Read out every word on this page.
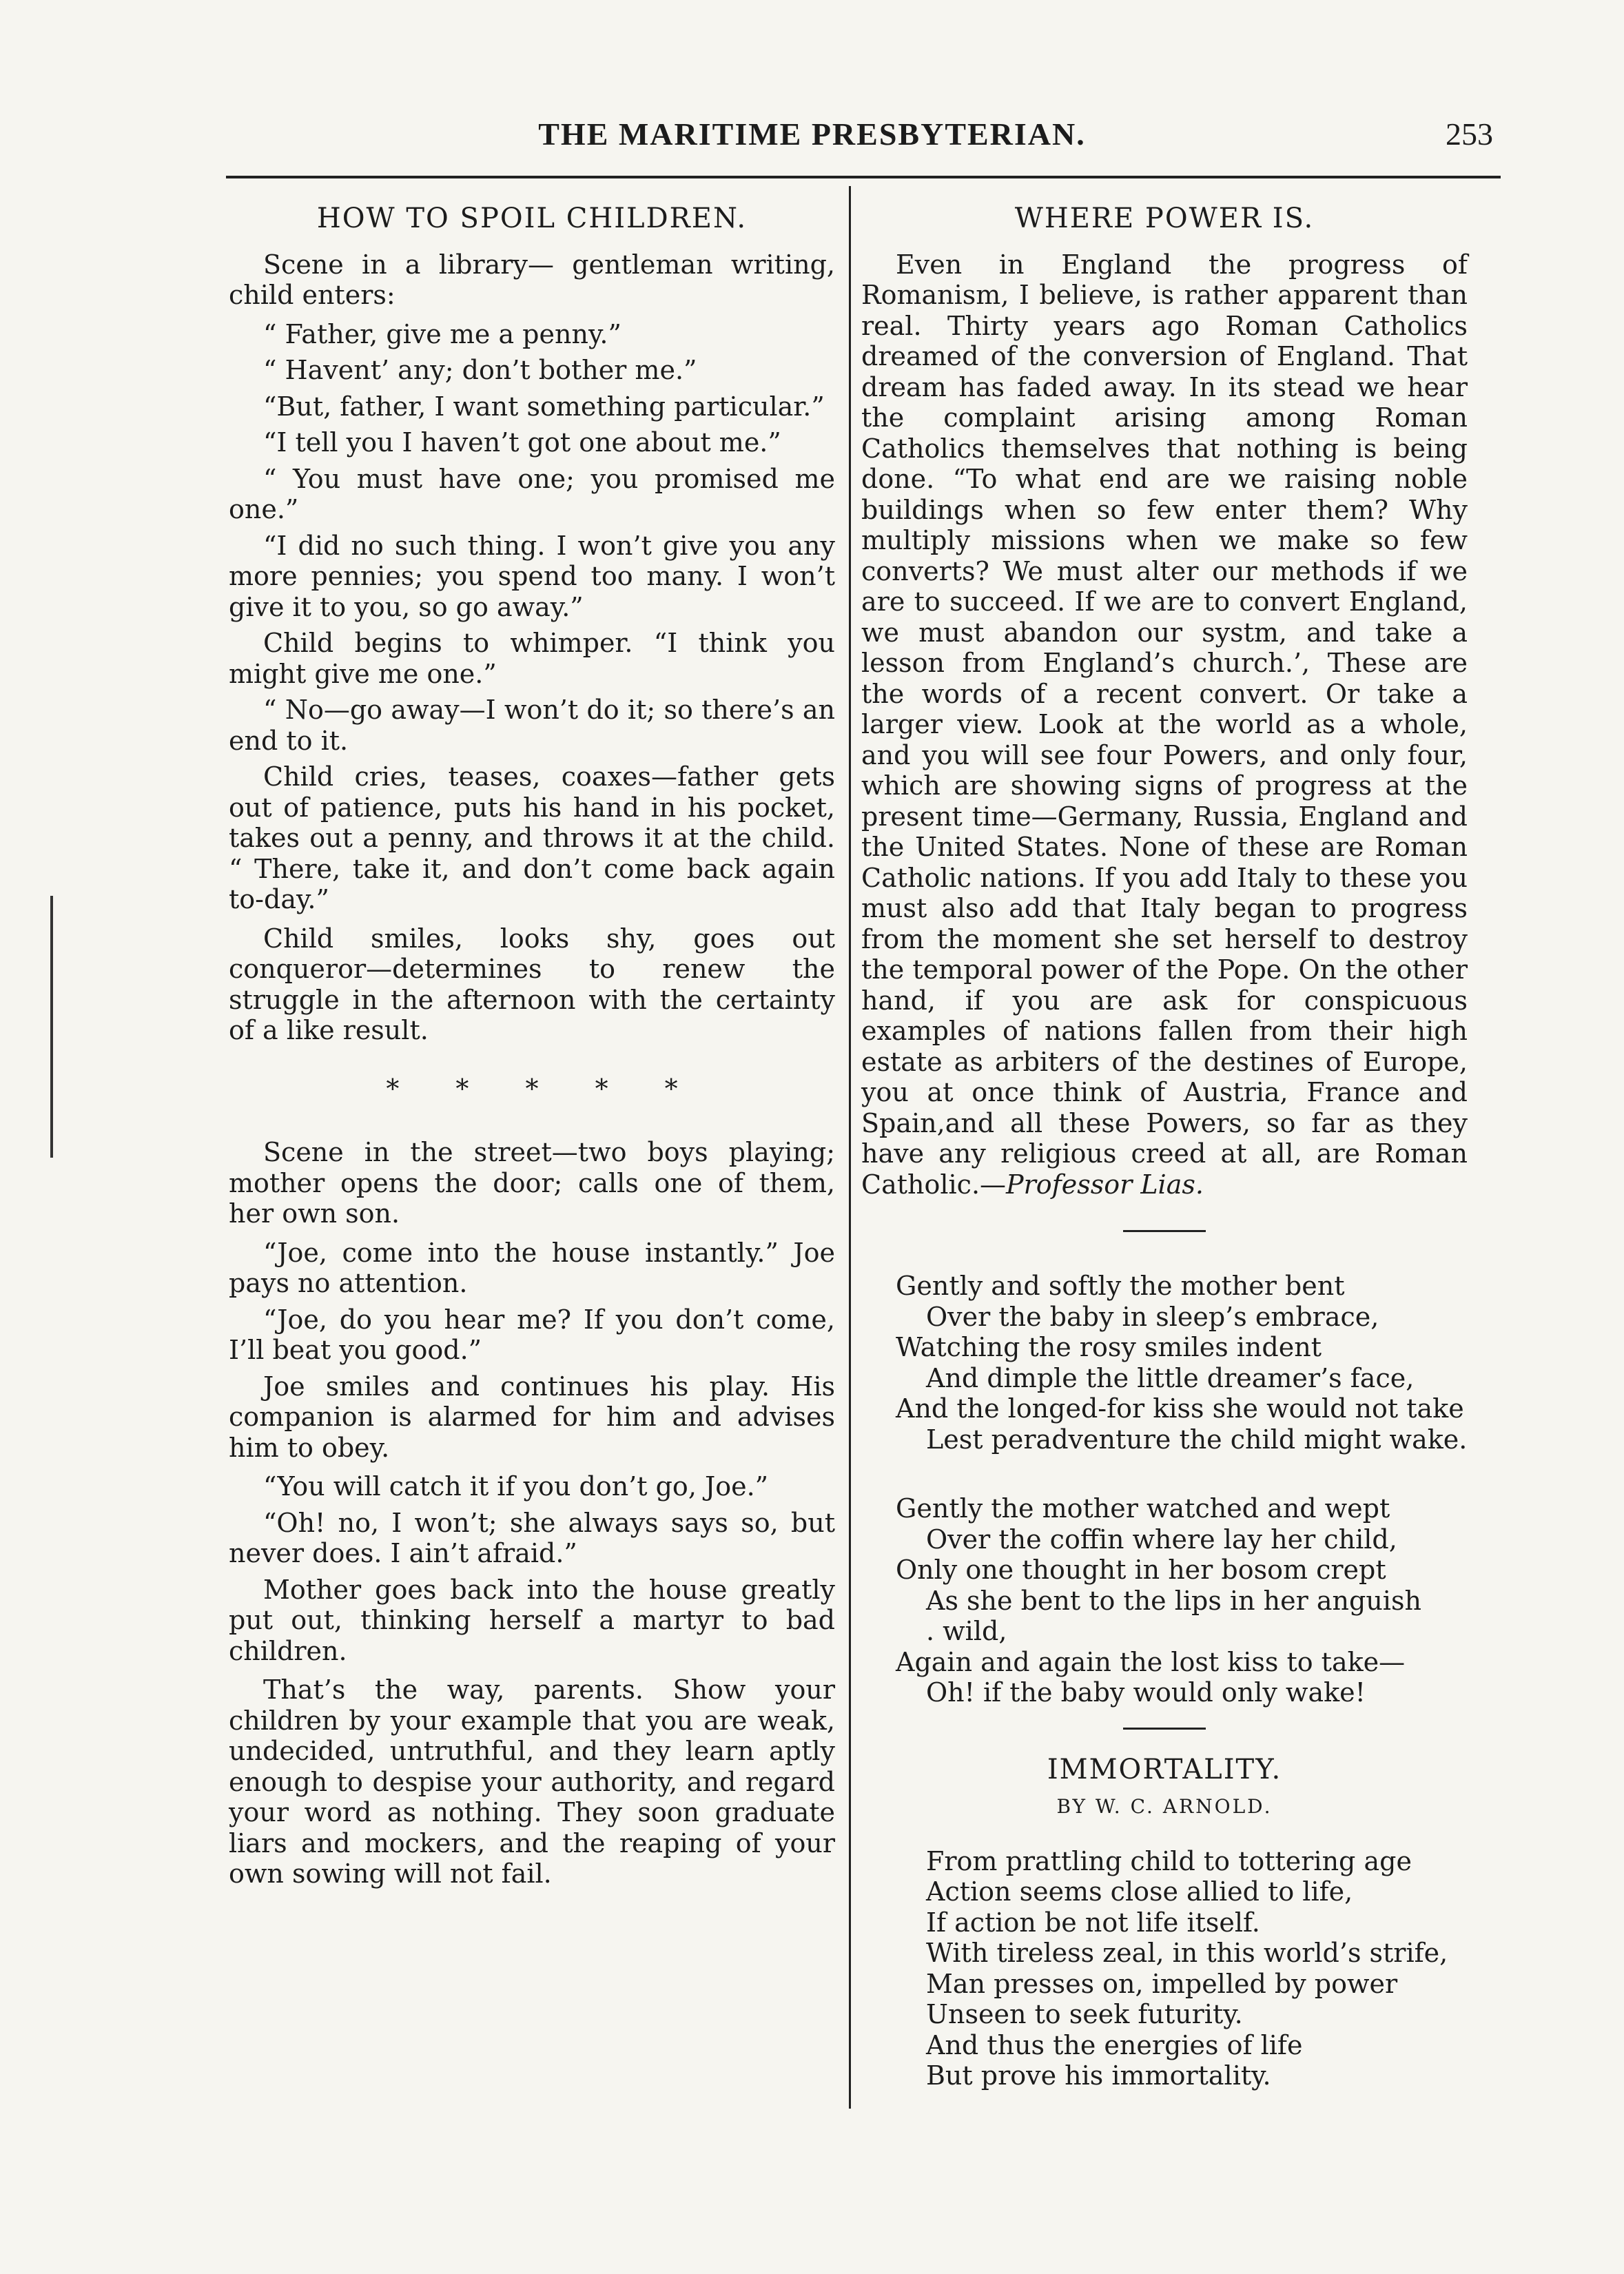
THE MARITIME PRESBYTERIAN.	253
HOW TO SPOIL CHILDREN.

Scene in a library— gentleman writing, child enters:

“ Father, give me a penny.”

“ Havent’ any; don’t bother me.”

“But, father, I want something particular.”

“I tell you I haven’t got one about me.”

“ You must have one; you promised me one.”

“I did no such thing. I won’t give you any more pennies; you spend too many. I won’t give it to you, so go away.”

Child begins to whimper. “I think you might give me one.”

“ No—go away—I won’t do it; so there’s an end to it.

Child cries, teases, coaxes—father gets out of patience, puts his hand in his pocket, takes out a penny, and throws it at the child. “ There, take it, and don’t come back again to-day.”

Child smiles, looks shy, goes out conqueror—determines to renew the struggle in the afternoon with the certainty of a like result.

* * * * *

Scene in the street—two boys playing; mother opens the door; calls one of them, her own son.

“Joe, come into the house instantly.” Joe pays no attention.

“Joe, do you hear me? If you don’t come, I’ll beat you good.”

Joe smiles and continues his play. His companion is alarmed for him and advises him to obey.

“You will catch it if you don’t go, Joe.”

“Oh! no, I won’t; she always says so, but never does. I ain’t afraid.”

Mother goes back into the house greatly put out, thinking herself a martyr to bad children.

That’s the way, parents. Show your children by your example that you are weak, undecided, untruthful, and they learn aptly enough to despise your authority, and regard your word as nothing. They soon graduate liars and mockers, and the reaping of your own sowing will not fail.

WHERE POWER IS.

Even in England the progress of Romanism, I believe, is rather apparent than real. Thirty years ago Roman Catholics dreamed of the conversion of England. That dream has faded away. In its stead we hear the complaint arising among Roman Catholics themselves that nothing is being done. “To what end are we raising noble buildings when so few enter them? Why multiply missions when we make so few converts? We must alter our methods if we are to succeed. If we are to convert England, we must abandon our systm, and take a lesson from England’s church.’, These are the words of a recent convert. Or take a larger view. Look at the world as a whole, and you will see four Powers, and only four, which are showing signs of progress at the present time—Germany, Russia, England and the United States. None of these are Roman Catholic nations. If you add Italy to these you must also add that Italy began to progress from the moment she set herself to destroy the temporal power of the Pope. On the other hand, if you are ask for conspicuous examples of nations fallen from their high estate as arbiters of the destines of Europe, you at once think of Austria, France and Spain,and all these Powers, so far as they have any religious creed at all, are Roman Catholic.—Professor Lias.

Gently and softly the mother bent

Over the baby in sleep’s embrace,

Watching the rosy smiles indent

And dimple the little dreamer’s face,

And the longed-for kiss she would not take

Lest peradventure the child might wake.

Gently the mother watched and wept

Over the coffin where lay her child,

Only one thought in her bosom crept

As she bent to the lips in her anguish

. wild,

Again and again the lost kiss to take—

Oh! if the baby would only wake!

IMMORTALITY.
BY W. C. ARNOLD.

From prattling child to tottering age

Action seems close allied to life,

If action be not life itself.

With tireless zeal, in this world’s strife,

Man presses on, impelled by power

Unseen to seek futurity.

And thus the energies of life

But prove his immortality.
